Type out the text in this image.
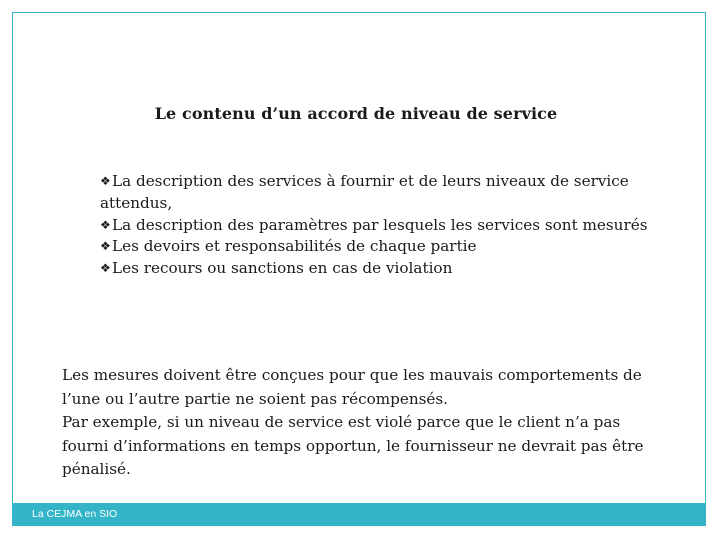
Le contenu d’un accord de niveau de service
❖La description des services à fournir et de leurs niveaux de service attendus,
❖La description des paramètres par lesquels les services sont mesurés
❖Les devoirs et responsabilités de chaque partie
❖Les recours ou sanctions en cas de violation

Les mesures doivent être conçues pour que les mauvais comportements de l’une ou l’autre partie ne soient pas récompensés.

Par exemple, si un niveau de service est violé parce que le client n’a pas fourni d’informations en temps opportun, le fournisseur ne devrait pas être pénalisé.

La CEJMA en SIO
